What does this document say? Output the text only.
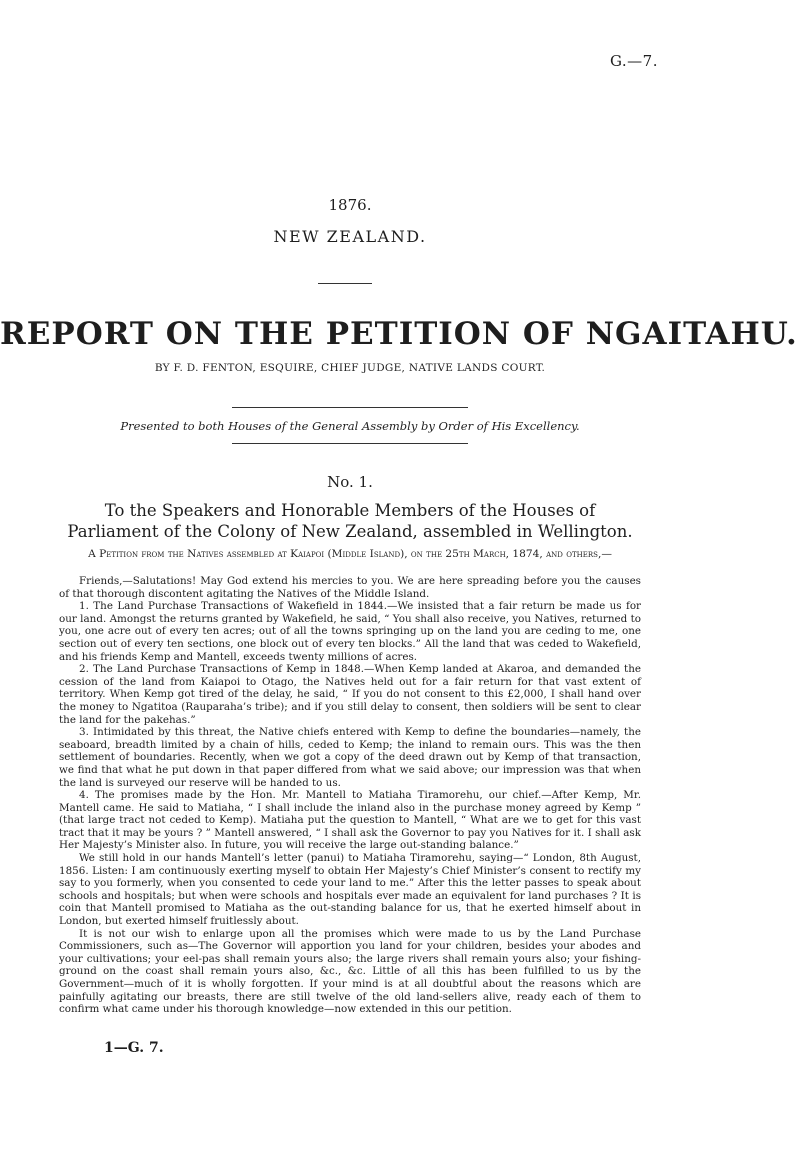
G.—7.
1876.
NEW ZEALAND.
REPORT ON THE PETITION OF NGAITAHU.
BY F. D. FENTON, ESQUIRE, CHIEF JUDGE, NATIVE LANDS COURT.
Presented to both Houses of the General Assembly by Order of His Excellency.
No. 1.
To the Speakers and Honorable Members of the Houses of Parliament of the Colony of New Zealand, assembled in Wellington.
A Petition from the Natives assembled at Kaiapoi (Middle Island), on the 25th March, 1874, and others,—

Friends,—Salutations! May God extend his mercies to you. We are here spreading before you the causes of that thorough discontent agitating the Natives of the Middle Island.

1. The Land Purchase Transactions of Wakefield in 1844.—We insisted that a fair return be made us for our land. Amongst the returns granted by Wakefield, he said, “ You shall also receive, you Natives, returned to you, one acre out of every ten acres; out of all the towns springing up on the land you are ceding to me, one section out of every ten sections, one block out of every ten blocks.” All the land that was ceded to Wakefield, and his friends Kemp and Mantell, exceeds twenty millions of acres.

2. The Land Purchase Transactions of Kemp in 1848.—When Kemp landed at Akaroa, and demanded the cession of the land from Kaiapoi to Otago, the Natives held out for a fair return for that vast extent of territory. When Kemp got tired of the delay, he said, “ If you do not consent to this £2,000, I shall hand over the money to Ngatitoa (Rauparaha’s tribe); and if you still delay to consent, then soldiers will be sent to clear the land for the pakehas.”

3. Intimidated by this threat, the Native chiefs entered with Kemp to define the boundaries—namely, the seaboard, breadth limited by a chain of hills, ceded to Kemp; the inland to remain ours. This was the then settlement of boundaries. Recently, when we got a copy of the deed drawn out by Kemp of that transaction, we find that what he put down in that paper differed from what we said above; our impression was that when the land is surveyed our reserve will be handed to us.

4. The promises made by the Hon. Mr. Mantell to Matiaha Tiramorehu, our chief.—After Kemp, Mr. Mantell came. He said to Matiaha, “ I shall include the inland also in the purchase money agreed by Kemp ” (that large tract not ceded to Kemp). Matiaha put the question to Mantell, “ What are we to get for this vast tract that it may be yours ? ” Mantell answered, “ I shall ask the Governor to pay you Natives for it. I shall ask Her Majesty’s Minister also. In future, you will receive the large out-standing balance.”

We still hold in our hands Mantell’s letter (panui) to Matiaha Tiramorehu, saying—“ London, 8th August, 1856. Listen: I am continuously exerting myself to obtain Her Majesty’s Chief Minister’s consent to rectify my say to you formerly, when you consented to cede your land to me.” After this the letter passes to speak about schools and hospitals; but when were schools and hospitals ever made an equivalent for land purchases ? It is coin that Mantell promised to Matiaha as the out-standing balance for us, that he exerted himself about in London, but exerted himself fruitlessly about.

It is not our wish to enlarge upon all the promises which were made to us by the Land Purchase Commissioners, such as—The Governor will apportion you land for your children, besides your abodes and your cultivations; your eel-pas shall remain yours also; the large rivers shall remain yours also; your fishing-ground on the coast shall remain yours also, &c., &c. Little of all this has been fulfilled to us by the Government—much of it is wholly forgotten. If your mind is at all doubtful about the reasons which are painfully agitating our breasts, there are still twelve of the old land-sellers alive, ready each of them to confirm what came under his thorough knowledge—now extended in this our petition.

1—G. 7.
